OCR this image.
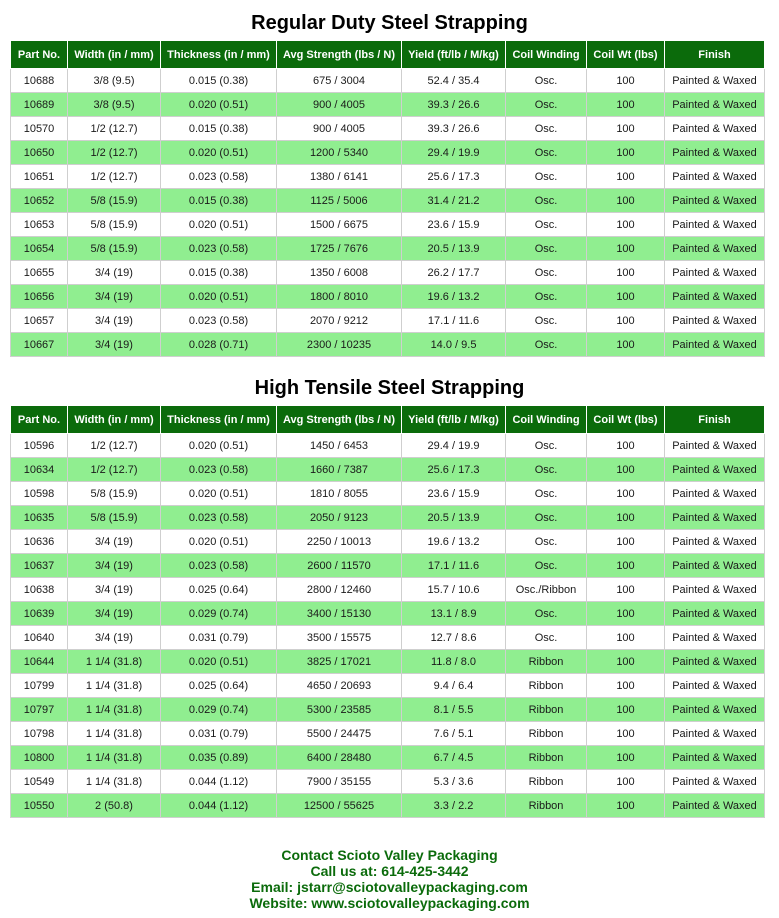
Regular Duty Steel Strapping
Part No.	Width (in / mm)	Thickness (in / mm)	Avg Strength (lbs / N)	Yield (ft/lb / M/kg)	Coil Winding	Coil Wt (lbs)	Finish
10688	3/8 (9.5)	0.015 (0.38)	675 / 3004	52.4 / 35.4	Osc.	100	Painted & Waxed
10689	3/8 (9.5)	0.020 (0.51)	900 / 4005	39.3 / 26.6	Osc.	100	Painted & Waxed
10570	1/2 (12.7)	0.015 (0.38)	900 / 4005	39.3 / 26.6	Osc.	100	Painted & Waxed
10650	1/2 (12.7)	0.020 (0.51)	1200 / 5340	29.4 / 19.9	Osc.	100	Painted & Waxed
10651	1/2 (12.7)	0.023 (0.58)	1380 / 6141	25.6 / 17.3	Osc.	100	Painted & Waxed
10652	5/8 (15.9)	0.015 (0.38)	1125 / 5006	31.4 / 21.2	Osc.	100	Painted & Waxed
10653	5/8 (15.9)	0.020 (0.51)	1500 / 6675	23.6 / 15.9	Osc.	100	Painted & Waxed
10654	5/8 (15.9)	0.023 (0.58)	1725 / 7676	20.5 / 13.9	Osc.	100	Painted & Waxed
10655	3/4 (19)	0.015 (0.38)	1350 / 6008	26.2 / 17.7	Osc.	100	Painted & Waxed
10656	3/4 (19)	0.020 (0.51)	1800 / 8010	19.6 / 13.2	Osc.	100	Painted & Waxed
10657	3/4 (19)	0.023 (0.58)	2070 / 9212	17.1 / 11.6	Osc.	100	Painted & Waxed
10667	3/4 (19)	0.028 (0.71)	2300 / 10235	14.0 / 9.5	Osc.	100	Painted & Waxed
High Tensile Steel Strapping
Part No.	Width (in / mm)	Thickness (in / mm)	Avg Strength (lbs / N)	Yield (ft/lb / M/kg)	Coil Winding	Coil Wt (lbs)	Finish
10596	1/2 (12.7)	0.020 (0.51)	1450 / 6453	29.4 / 19.9	Osc.	100	Painted & Waxed
10634	1/2 (12.7)	0.023 (0.58)	1660 / 7387	25.6 / 17.3	Osc.	100	Painted & Waxed
10598	5/8 (15.9)	0.020 (0.51)	1810 / 8055	23.6 / 15.9	Osc.	100	Painted & Waxed
10635	5/8 (15.9)	0.023 (0.58)	2050 / 9123	20.5 / 13.9	Osc.	100	Painted & Waxed
10636	3/4 (19)	0.020 (0.51)	2250 / 10013	19.6 / 13.2	Osc.	100	Painted & Waxed
10637	3/4 (19)	0.023 (0.58)	2600 / 11570	17.1 / 11.6	Osc.	100	Painted & Waxed
10638	3/4 (19)	0.025 (0.64)	2800 / 12460	15.7 / 10.6	Osc./Ribbon	100	Painted & Waxed
10639	3/4 (19)	0.029 (0.74)	3400 / 15130	13.1 / 8.9	Osc.	100	Painted & Waxed
10640	3/4 (19)	0.031 (0.79)	3500 / 15575	12.7 / 8.6	Osc.	100	Painted & Waxed
10644	1 1/4 (31.8)	0.020 (0.51)	3825 / 17021	11.8 / 8.0	Ribbon	100	Painted & Waxed
10799	1 1/4 (31.8)	0.025 (0.64)	4650 / 20693	9.4 / 6.4	Ribbon	100	Painted & Waxed
10797	1 1/4 (31.8)	0.029 (0.74)	5300 / 23585	8.1 / 5.5	Ribbon	100	Painted & Waxed
10798	1 1/4 (31.8)	0.031 (0.79)	5500 / 24475	7.6 / 5.1	Ribbon	100	Painted & Waxed
10800	1 1/4 (31.8)	0.035 (0.89)	6400 / 28480	6.7 / 4.5	Ribbon	100	Painted & Waxed
10549	1 1/4 (31.8)	0.044 (1.12)	7900 / 35155	5.3 / 3.6	Ribbon	100	Painted & Waxed
10550	2 (50.8)	0.044 (1.12)	12500 / 55625	3.3 / 2.2	Ribbon	100	Painted & Waxed
Contact Scioto Valley Packaging
Call us at: 614-425-3442
Email: jstarr@sciotovalleypackaging.com
Website: www.sciotovalleypackaging.com
